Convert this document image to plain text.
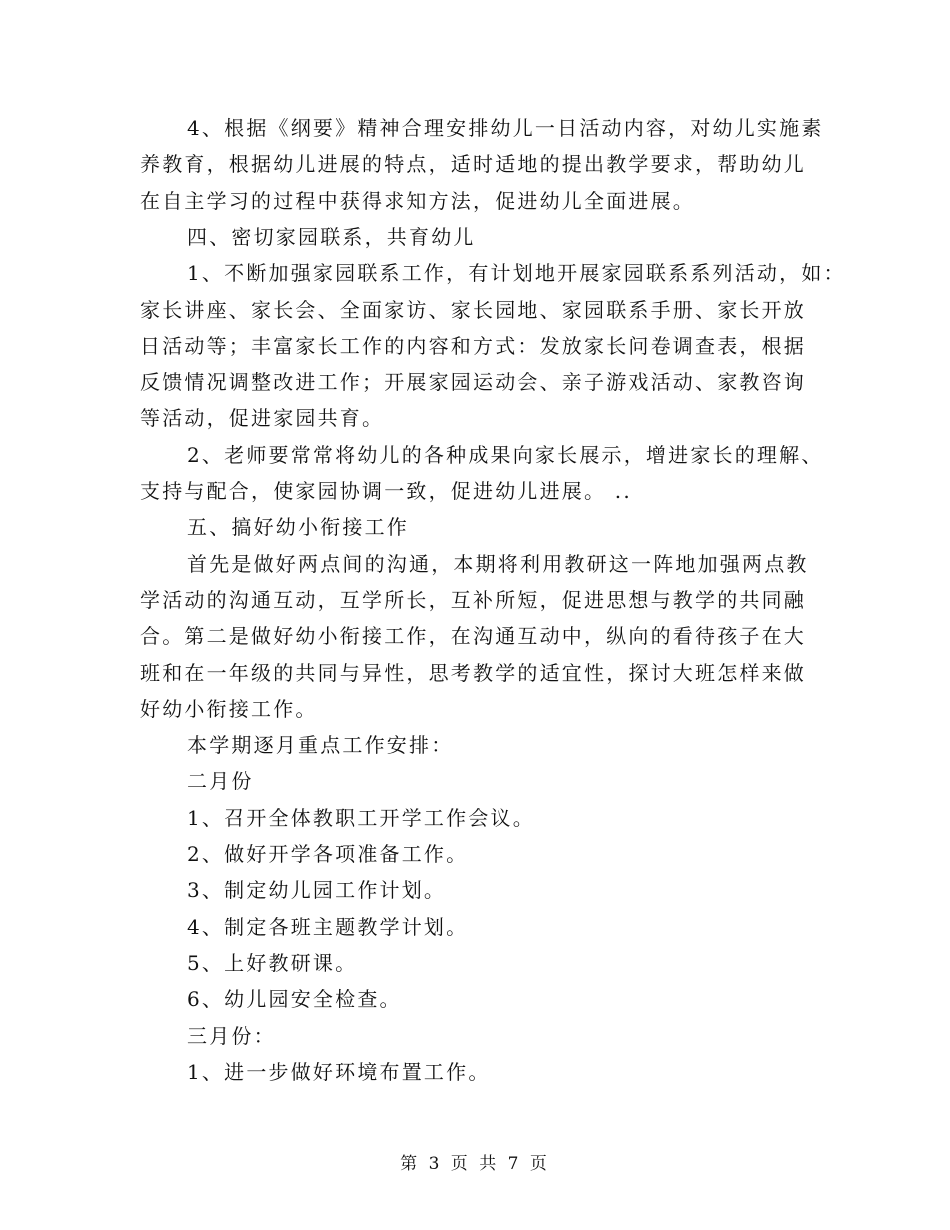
4、根据《纲要》精神合理安排幼儿一日活动内容，对幼儿实施素
养教育，根据幼儿进展的特点，适时适地的提出教学要求，帮助幼儿
在自主学习的过程中获得求知方法，促进幼儿全面进展。
四、密切家园联系，共育幼儿
1、不断加强家园联系工作，有计划地开展家园联系系列活动，如：
家长讲座、家长会、全面家访、家长园地、家园联系手册、家长开放
日活动等；丰富家长工作的内容和方式：发放家长问卷调查表，根据
反馈情况调整改进工作；开展家园运动会、亲子游戏活动、家教咨询
等活动，促进家园共育。
2、老师要常常将幼儿的各种成果向家长展示，增进家长的理解、
支持与配合，使家园协调一致，促进幼儿进展。 ..
五、搞好幼小衔接工作
首先是做好两点间的沟通，本期将利用教研这一阵地加强两点教
学活动的沟通互动，互学所长，互补所短，促进思想与教学的共同融
合。第二是做好幼小衔接工作，在沟通互动中，纵向的看待孩子在大
班和在一年级的共同与异性，思考教学的适宜性，探讨大班怎样来做
好幼小衔接工作。
本学期逐月重点工作安排：
二月份
1、召开全体教职工开学工作会议。
2、做好开学各项准备工作。
3、制定幼儿园工作计划。
4、制定各班主题教学计划。
5、上好教研课。
6、幼儿园安全检查。
三月份：
1、进一步做好环境布置工作。
第 3 页 共 7 页
